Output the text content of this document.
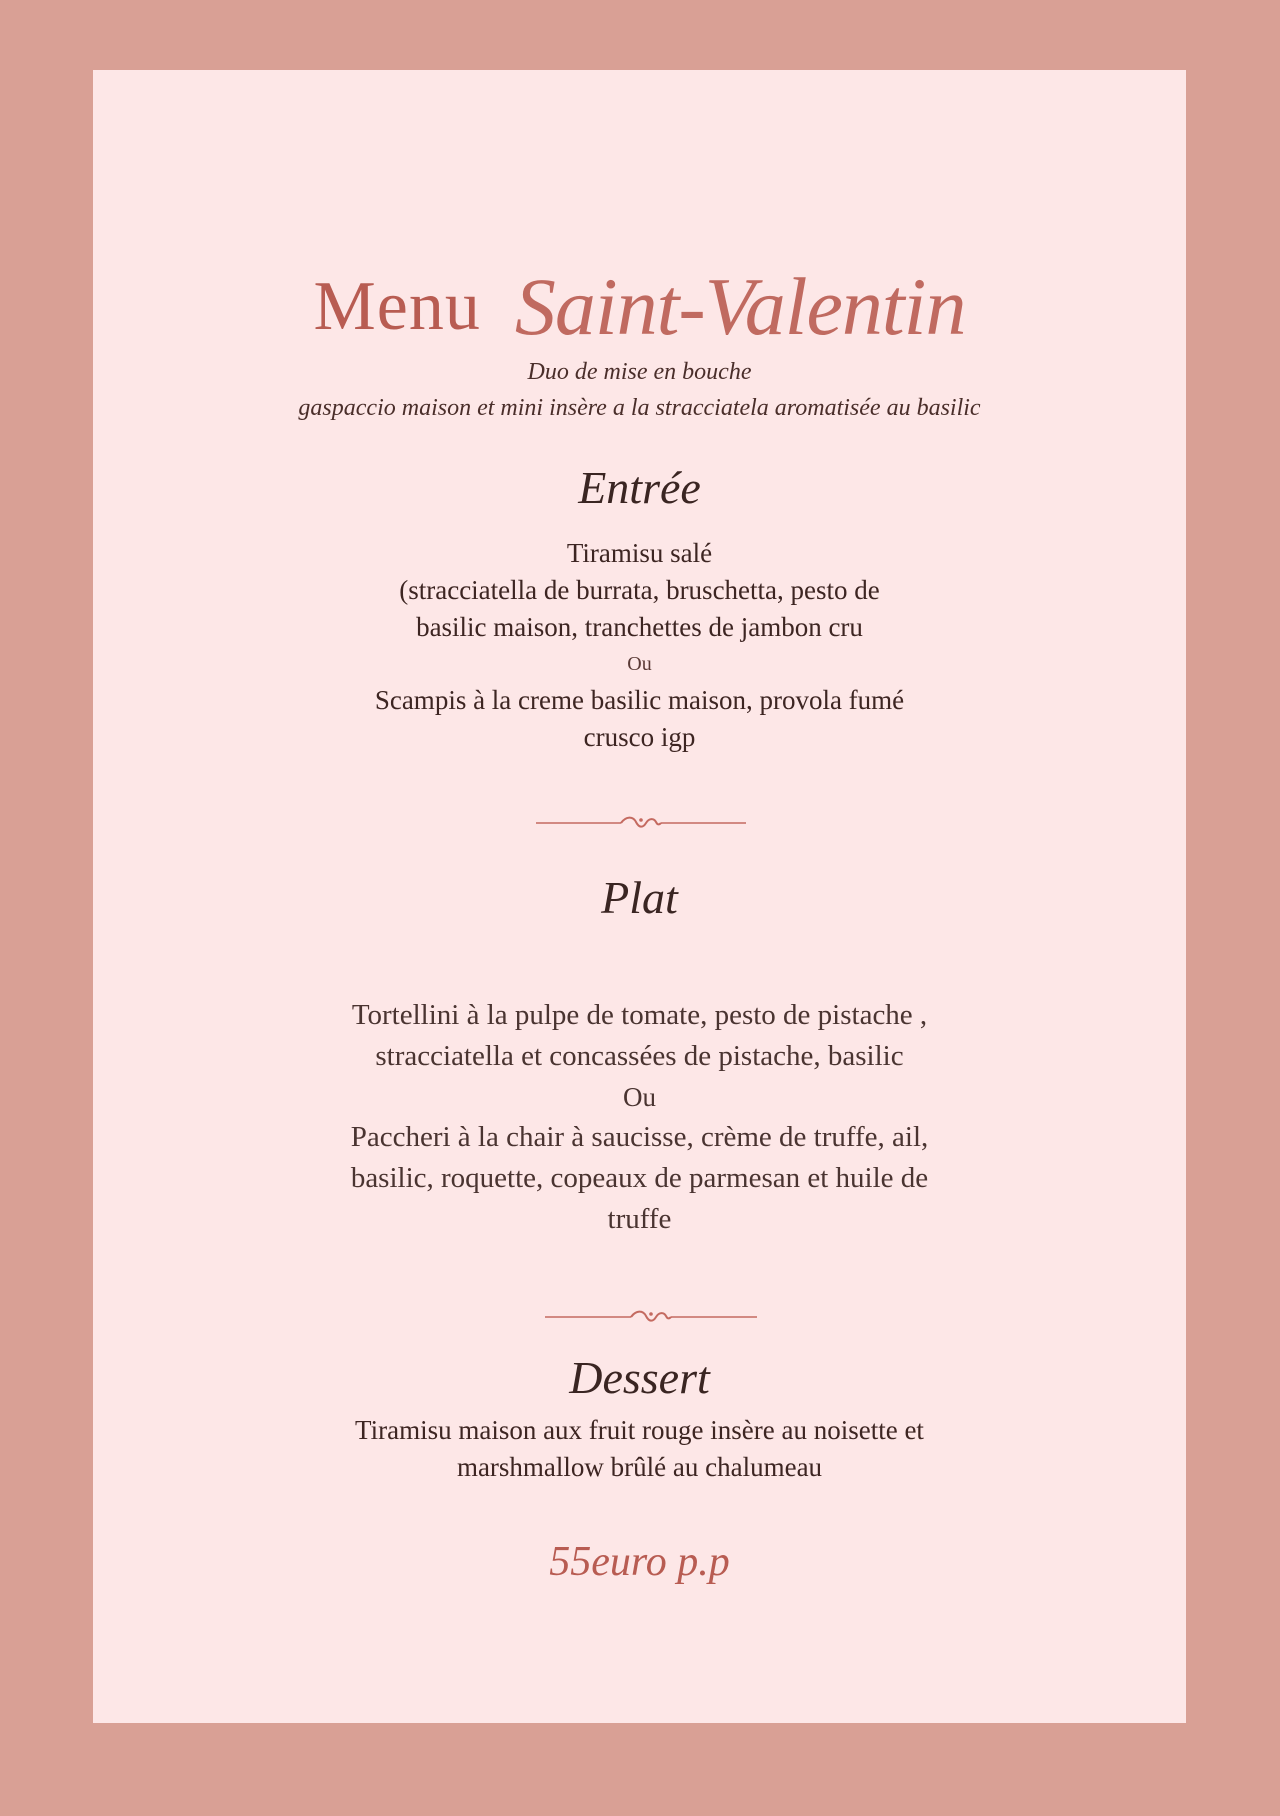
Menu Saint-Valentin
Duo de mise en bouche
gaspaccio maison et mini insère a la stracciatela aromatisée au basilic
Entrée
Tiramisu salé
(stracciatella de burrata, bruschetta, pesto de
basilic maison, tranchettes de jambon cru
Ou
Scampis à la creme basilic maison, provola fumé
crusco igp
Plat
Tortellini à la pulpe de tomate, pesto de pistache ,
stracciatella et concassées de pistache, basilic
Ou
Paccheri à la chair à saucisse, crème de truffe, ail,
basilic, roquette, copeaux de parmesan et huile de
truffe
Dessert
Tiramisu maison aux fruit rouge insère au noisette et
marshmallow brûlé au chalumeau
55euro p.p
